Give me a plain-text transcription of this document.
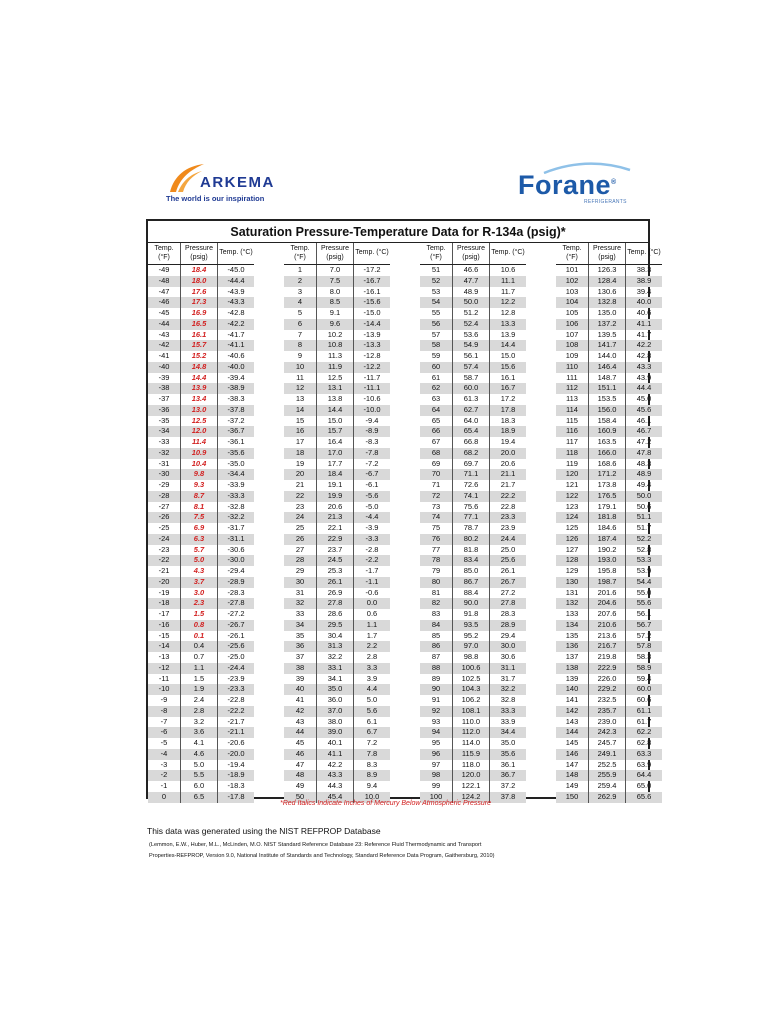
ARKEMA
The world is our inspiration	Forane®
REFRIGERANTS
Saturation Pressure-Temperature Data for R-134a (psig)*
Temp. (°F)
Pressure (psig)
Temp. (°C)
-49	18.4	-45.0
-48	18.0	-44.4
-47	17.6	-43.9
-46	17.3	-43.3
-45	16.9	-42.8
-44	16.5	-42.2
-43	16.1	-41.7
-42	15.7	-41.1
-41	15.2	-40.6
-40	14.8	-40.0
-39	14.4	-39.4
-38	13.9	-38.9
-37	13.4	-38.3
-36	13.0	-37.8
-35	12.5	-37.2
-34	12.0	-36.7
-33	11.4	-36.1
-32	10.9	-35.6
-31	10.4	-35.0
-30	9.8	-34.4
-29	9.3	-33.9
-28	8.7	-33.3
-27	8.1	-32.8
-26	7.5	-32.2
-25	6.9	-31.7
-24	6.3	-31.1
-23	5.7	-30.6
-22	5.0	-30.0
-21	4.3	-29.4
-20	3.7	-28.9
-19	3.0	-28.3
-18	2.3	-27.8
-17	1.5	-27.2
-16	0.8	-26.7
-15	0.1	-26.1
-14	0.4	-25.6
-13	0.7	-25.0
-12	1.1	-24.4
-11	1.5	-23.9
-10	1.9	-23.3
-9	2.4	-22.8
-8	2.8	-22.2
-7	3.2	-21.7
-6	3.6	-21.1
-5	4.1	-20.6
-4	4.6	-20.0
-3	5.0	-19.4
-2	5.5	-18.9
-1	6.0	-18.3
0	6.5	-17.8
Temp. (°F)
Pressure (psig)
Temp. (°C)
1	7.0	-17.2
2	7.5	-16.7
3	8.0	-16.1
4	8.5	-15.6
5	9.1	-15.0
6	9.6	-14.4
7	10.2	-13.9
8	10.8	-13.3
9	11.3	-12.8
10	11.9	-12.2
11	12.5	-11.7
12	13.1	-11.1
13	13.8	-10.6
14	14.4	-10.0
15	15.0	-9.4
16	15.7	-8.9
17	16.4	-8.3
18	17.0	-7.8
19	17.7	-7.2
20	18.4	-6.7
21	19.1	-6.1
22	19.9	-5.6
23	20.6	-5.0
24	21.3	-4.4
25	22.1	-3.9
26	22.9	-3.3
27	23.7	-2.8
28	24.5	-2.2
29	25.3	-1.7
30	26.1	-1.1
31	26.9	-0.6
32	27.8	0.0
33	28.6	0.6
34	29.5	1.1
35	30.4	1.7
36	31.3	2.2
37	32.2	2.8
38	33.1	3.3
39	34.1	3.9
40	35.0	4.4
41	36.0	5.0
42	37.0	5.6
43	38.0	6.1
44	39.0	6.7
45	40.1	7.2
46	41.1	7.8
47	42.2	8.3
48	43.3	8.9
49	44.3	9.4
50	45.4	10.0
Temp. (°F)
Pressure (psig)
Temp. (°C)
51	46.6	10.6
52	47.7	11.1
53	48.9	11.7
54	50.0	12.2
55	51.2	12.8
56	52.4	13.3
57	53.6	13.9
58	54.9	14.4
59	56.1	15.0
60	57.4	15.6
61	58.7	16.1
62	60.0	16.7
63	61.3	17.2
64	62.7	17.8
65	64.0	18.3
66	65.4	18.9
67	66.8	19.4
68	68.2	20.0
69	69.7	20.6
70	71.1	21.1
71	72.6	21.7
72	74.1	22.2
73	75.6	22.8
74	77.1	23.3
75	78.7	23.9
76	80.2	24.4
77	81.8	25.0
78	83.4	25.6
79	85.0	26.1
80	86.7	26.7
81	88.4	27.2
82	90.0	27.8
83	91.8	28.3
84	93.5	28.9
85	95.2	29.4
86	97.0	30.0
87	98.8	30.6
88	100.6	31.1
89	102.5	31.7
90	104.3	32.2
91	106.2	32.8
92	108.1	33.3
93	110.0	33.9
94	112.0	34.4
95	114.0	35.0
96	115.9	35.6
97	118.0	36.1
98	120.0	36.7
99	122.1	37.2
100	124.2	37.8
Temp. (°F)
Pressure (psig)
Temp. (°C)
101	126.3	38.3
102	128.4	38.9
103	130.6	39.4
104	132.8	40.0
105	135.0	40.6
106	137.2	41.1
107	139.5	41.7
108	141.7	42.2
109	144.0	42.8
110	146.4	43.3
111	148.7	43.9
112	151.1	44.4
113	153.5	45.0
114	156.0	45.6
115	158.4	46.1
116	160.9	46.7
117	163.5	47.2
118	166.0	47.8
119	168.6	48.3
120	171.2	48.9
121	173.8	49.4
122	176.5	50.0
123	179.1	50.6
124	181.8	51.1
125	184.6	51.7
126	187.4	52.2
127	190.2	52.8
128	193.0	53.3
129	195.8	53.9
130	198.7	54.4
131	201.6	55.0
132	204.6	55.6
133	207.6	56.1
134	210.6	56.7
135	213.6	57.2
136	216.7	57.8
137	219.8	58.3
138	222.9	58.9
139	226.0	59.4
140	229.2	60.0
141	232.5	60.6
142	235.7	61.1
143	239.0	61.7
144	242.3	62.2
145	245.7	62.8
146	249.1	63.3
147	252.5	63.9
148	255.9	64.4
149	259.4	65.0
150	262.9	65.6
*Red Italics Indicate Inches of Mercury Below Atmospheric Pressure
This data was generated using the NIST REFPROP Database
(Lemmon, E.W., Huber, M.L., McLinden, M.O. NIST Standard Reference Database 23: Reference Fluid Thermodynamic and Transport
Properties-REFPROP, Version 9.0, National Institute of Standards and Technology, Standard Reference Data Program, Gaithersburg, 2010)
